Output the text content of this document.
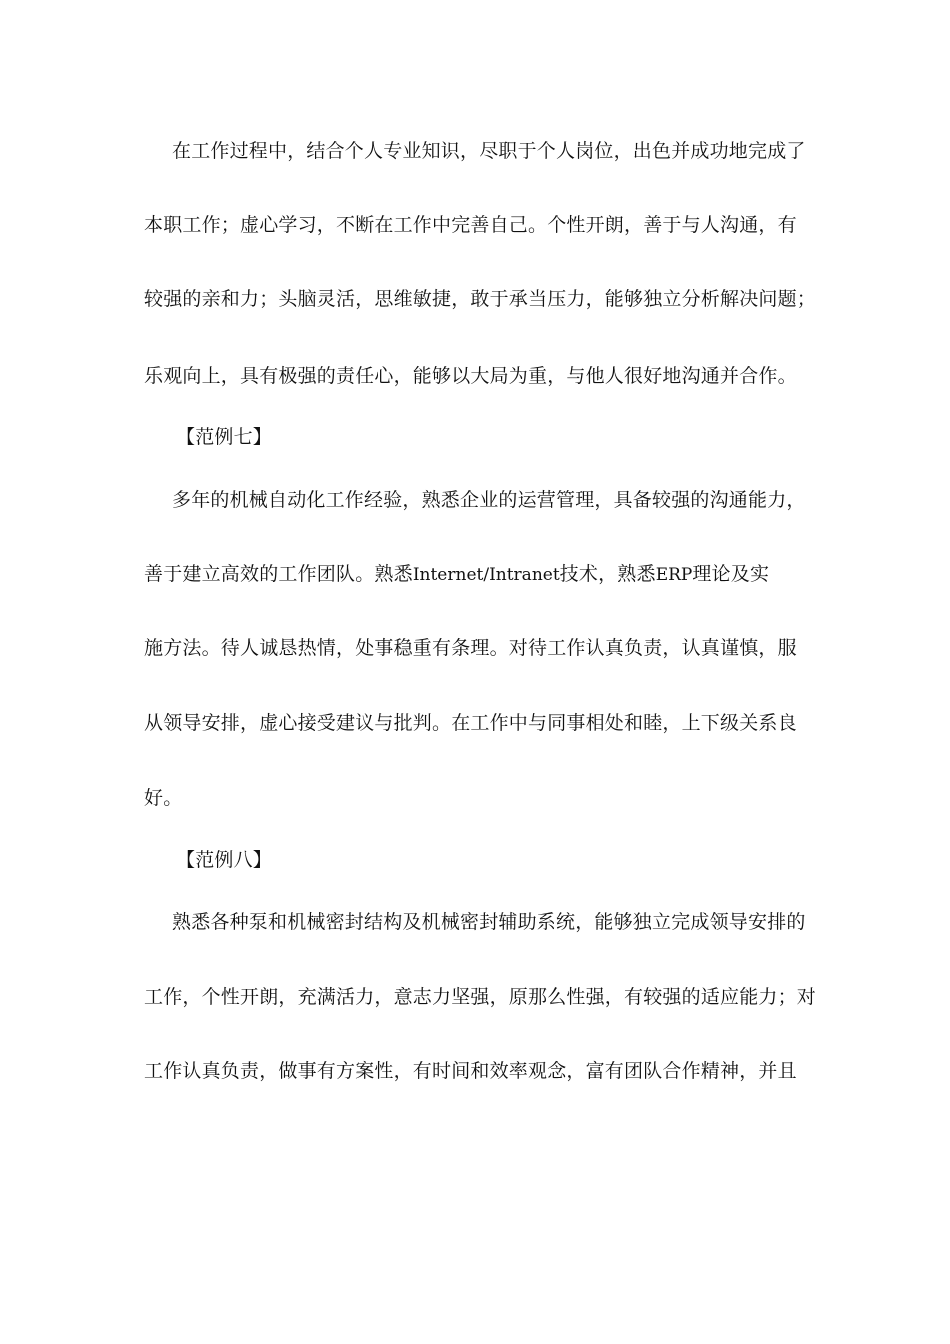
在工作过程中，结合个人专业知识，尽职于个人岗位，出色并成功地完成了
本职工作；虚心学习，不断在工作中完善自己。个性开朗，善于与人沟通，有
较强的亲和力；头脑灵活，思维敏捷，敢于承当压力，能够独立分析解决问题；
乐观向上，具有极强的责任心，能够以大局为重，与他人很好地沟通并合作。
【范例七】
多年的机械自动化工作经验，熟悉企业的运营管理，具备较强的沟通能力，
善于建立高效的工作团队。熟悉Internet/Intranet技术，熟悉ERP理论及实
施方法。待人诚恳热情，处事稳重有条理。对待工作认真负责，认真谨慎，服
从领导安排，虚心接受建议与批判。在工作中与同事相处和睦，上下级关系良
好。
【范例八】
熟悉各种泵和机械密封结构及机械密封辅助系统，能够独立完成领导安排的
工作，个性开朗，充满活力，意志力坚强，原那么性强，有较强的适应能力；对
工作认真负责，做事有方案性，有时间和效率观念，富有团队合作精神，并且
